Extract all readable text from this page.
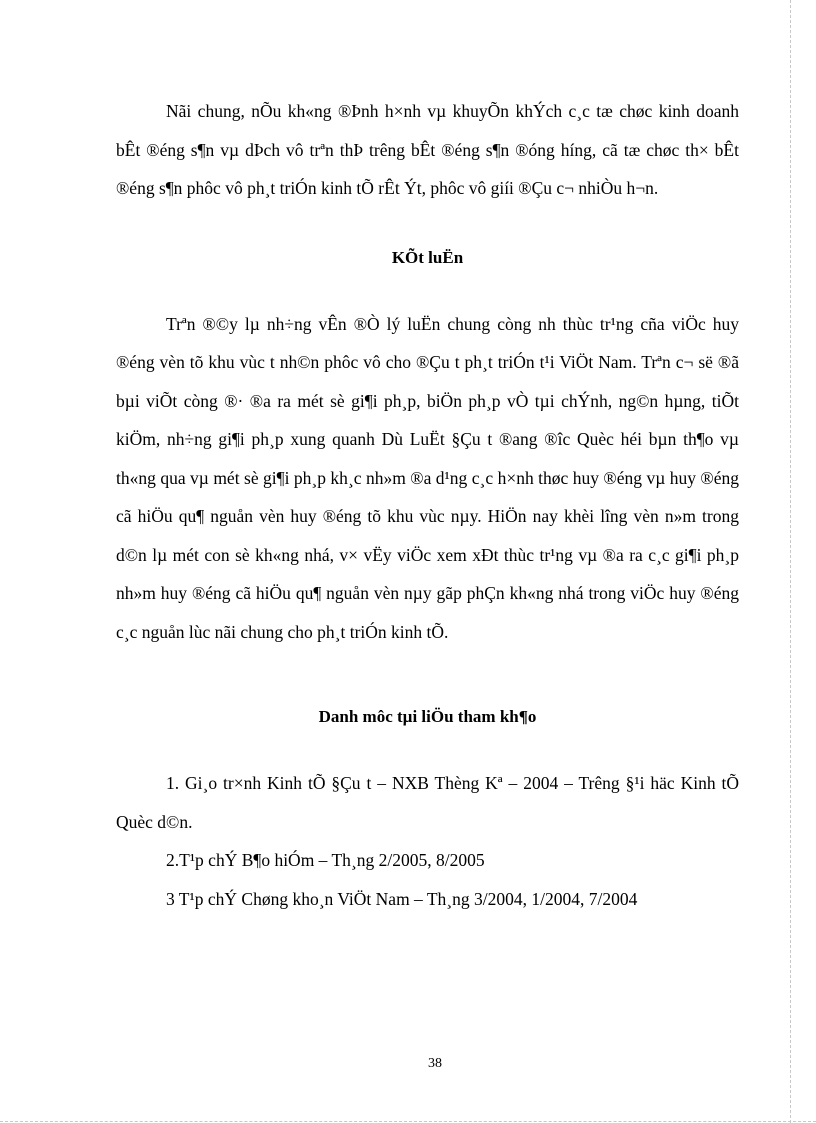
Nãi chung, nÕu kh«ng ®Þnh h×nh vµ khuyÕn khÝch c¸c tæ chøc kinh doanh bÊt ®éng s¶n vµ dÞch vô trªn thÞ trêng bÊt ®éng s¶n ®óng híng, cã tæ chøc th× bÊt ®éng s¶n phôc vô ph¸t triÓn kinh tÕ rÊt Ýt, phôc vô giíi ®Çu c¬ nhiÒu h¬n.

KÕt luËn

Trªn ®©y lµ nh÷ng vÊn ®Ò lý luËn chung còng nh thùc tr¹ng cña viÖc huy ®éng vèn tõ khu vùc t nh©n phôc vô cho ®Çu t ph¸t triÓn t¹i ViÖt Nam. Trªn c¬ së ®ã bµi viÕt còng ®· ®a ra mét sè gi¶i ph¸p, biÖn ph¸p vÒ tµi chÝnh, ng©n hµng, tiÕt kiÖm, nh÷ng gi¶i ph¸p xung quanh Dù LuËt §Çu t ®ang ®îc Quèc héi bµn th¶o vµ th«ng qua vµ mét sè gi¶i ph¸p kh¸c nh»m ®a d¹ng c¸c h×nh thøc huy ®éng vµ huy ®éng cã hiÖu qu¶ nguån vèn huy ®éng tõ khu vùc nµy. HiÖn nay khèi lîng vèn n»m trong d©n lµ mét con sè kh«ng nhá, v× vËy viÖc xem xÐt thùc tr¹ng vµ ®a ra c¸c gi¶i ph¸p nh»m huy ®éng cã hiÖu qu¶ nguån vèn nµy gãp phÇn kh«ng nhá trong viÖc huy ®éng c¸c nguån lùc nãi chung cho ph¸t triÓn kinh tÕ.

Danh môc tµi liÖu tham kh¶o

1. Gi¸o tr×nh Kinh tÕ §Çu t – NXB Thèng Kª – 2004 – Trêng §¹i häc Kinh tÕ Quèc d©n.

2.T¹p chÝ B¶o hiÓm – Th¸ng 2/2005, 8/2005

3 T¹p chÝ Chøng kho¸n ViÖt Nam – Th¸ng 3/2004, 1/2004, 7/2004

38
